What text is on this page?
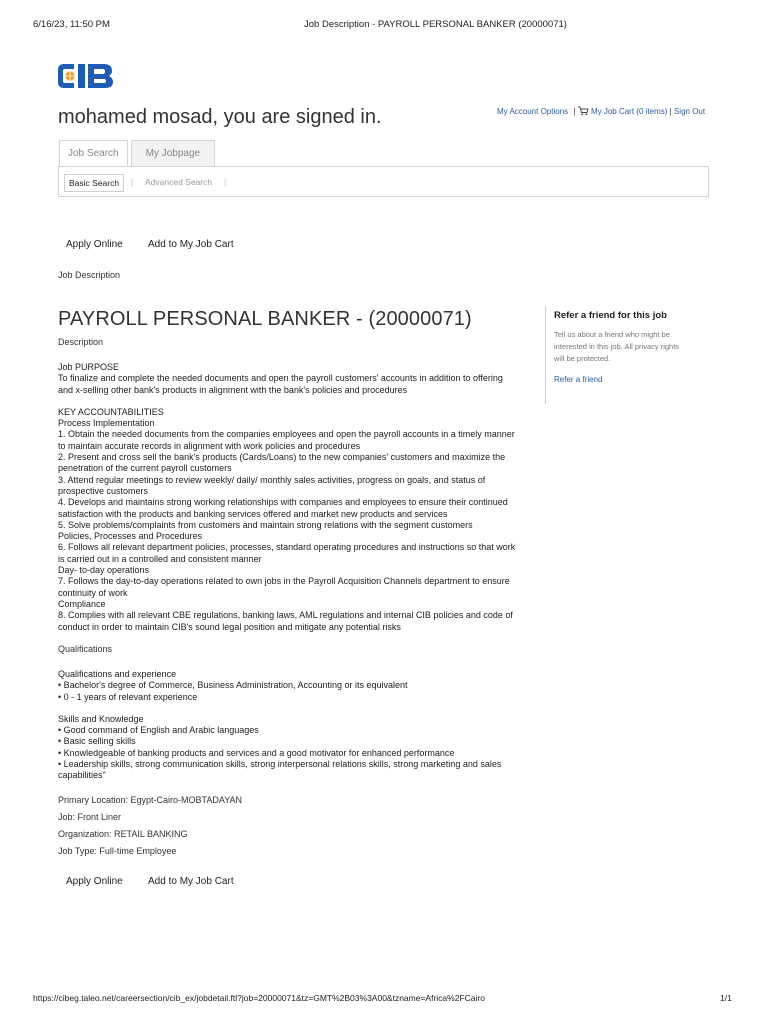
6/16/23, 11:50 PM	Job Description - PAYROLL PERSONAL BANKER (20000071)
mohamed mosad, you are signed in.	My Account Options | My Job Cart (0 items) | Sign Out
Job Search	My Jobpage
Basic Search	| Advanced Search |
Apply Online	Add to My Job Cart
Job Description
PAYROLL PERSONAL BANKER - (20000071)
Description

Job PURPOSE

To finalize and complete the needed documents and open the payroll customers' accounts in addition to offering

and x-selling other bank's products in alignment with the bank's policies and procedures

KEY ACCOUNTABILITIES

Process Implementation

1. Obtain the needed documents from the companies employees and open the payroll accounts in a timely manner

to maintain accurate records in alignment with work policies and procedures

2. Present and cross sell the bank's products (Cards/Loans) to the new companies' customers and maximize the

penetration of the current payroll customers

3. Attend regular meetings to review weekly/ daily/ monthly sales activities, progress on goals, and status of

prospective customers

4. Develops and maintains strong working relationships with companies and employees to ensure their continued

satisfaction with the products and banking services offered and market new products and services

5. Solve problems/complaints from customers and maintain strong relations with the segment customers

Policies, Processes and Procedures

6. Follows all relevant department policies, processes, standard operating procedures and instructions so that work

is carried out in a controlled and consistent manner

Day- to-day operations

7. Follows the day-to-day operations related to own jobs in the Payroll Acquisition Channels department to ensure

continuity of work

Compliance

8. Complies with all relevant CBE regulations, banking laws, AML regulations and internal CIB policies and code of

conduct in order to maintain CIB's sound legal position and mitigate any potential risks

Qualifications

Qualifications and experience

• Bachelor's degree of Commerce, Business Administration, Accounting or its equivalent

• 0 - 1 years of relevant experience

Skills and Knowledge

• Good command of English and Arabic languages

• Basic selling skills

• Knowledgeable of banking products and services and a good motivator for enhanced performance

• Leadership skills, strong communication skills, strong interpersonal relations skills, strong marketing and sales

capabilities"

Primary Location: Egypt-Cairo-MOBTADAYAN
Job: Front Liner
Organization: RETAIL BANKING
Job Type: Full-time Employee
Apply Online	Add to My Job Cart
Refer a friend for this job
Tell us about a friend who might be
interested in this job. All privacy rights
will be protected.
Refer a friend
https://cibeg.taleo.net/careersection/cib_ex/jobdetail.ftl?job=20000071&tz=GMT%2B03%3A00&tzname=Africa%2FCairo	1/1
